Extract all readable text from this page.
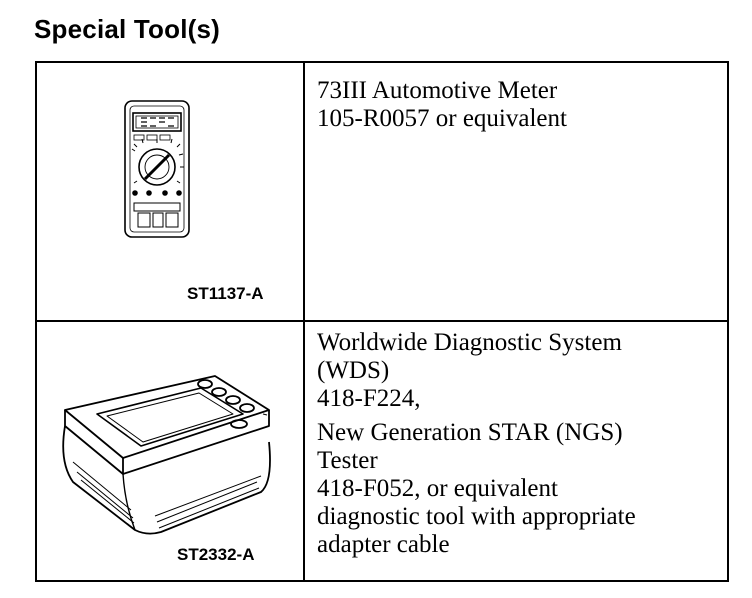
Special Tool(s)
ST1137-A

73III Automotive Meter
105-R0057 or equivalent

ST2332-A

Worldwide Diagnostic System
(WDS)
418-F224,

New Generation STAR (NGS)
Tester
418-F052, or equivalent
diagnostic tool with appropriate
adapter cable
